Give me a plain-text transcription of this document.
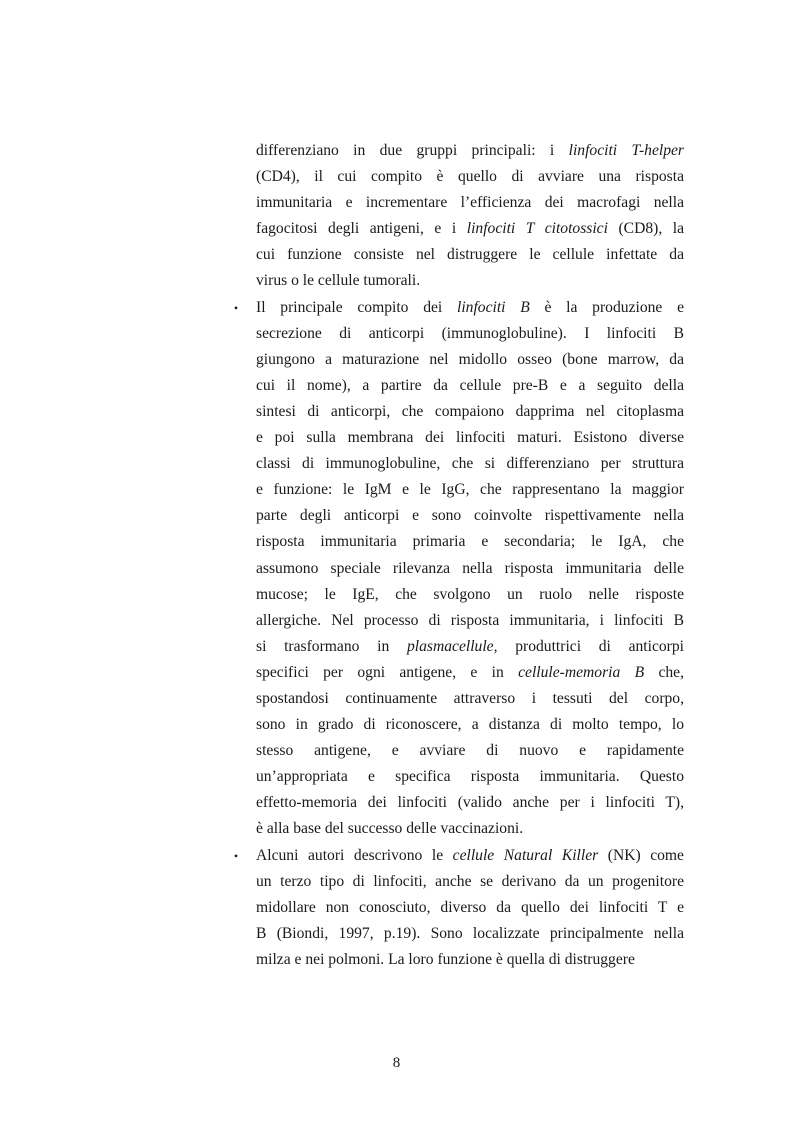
differenziano in due gruppi principali: i linfociti T-helper
(CD4), il cui compito è quello di avviare una risposta
immunitaria e incrementare l’efficienza dei macrofagi nella
fagocitosi degli antigeni, e i linfociti T citotossici (CD8), la
cui funzione consiste nel distruggere le cellule infettate da
virus o le cellule tumorali.
• Il principale compito dei linfociti B è la produzione e
secrezione di anticorpi (immunoglobuline). I linfociti B
giungono a maturazione nel midollo osseo (bone marrow, da
cui il nome), a partire da cellule pre-B e a seguito della
sintesi di anticorpi, che compaiono dapprima nel citoplasma
e poi sulla membrana dei linfociti maturi. Esistono diverse
classi di immunoglobuline, che si differenziano per struttura
e funzione: le IgM e le IgG, che rappresentano la maggior
parte degli anticorpi e sono coinvolte rispettivamente nella
risposta immunitaria primaria e secondaria; le IgA, che
assumono speciale rilevanza nella risposta immunitaria delle
mucose; le IgE, che svolgono un ruolo nelle risposte
allergiche. Nel processo di risposta immunitaria, i linfociti B
si trasformano in plasmacellule, produttrici di anticorpi
specifici per ogni antigene, e in cellule-memoria B che,
spostandosi continuamente attraverso i tessuti del corpo,
sono in grado di riconoscere, a distanza di molto tempo, lo
stesso antigene, e avviare di nuovo e rapidamente
un’appropriata e specifica risposta immunitaria. Questo
effetto-memoria dei linfociti (valido anche per i linfociti T),
è alla base del successo delle vaccinazioni.
• Alcuni autori descrivono le cellule Natural Killer (NK) come
un terzo tipo di linfociti, anche se derivano da un progenitore
midollare non conosciuto, diverso da quello dei linfociti T e
B (Biondi, 1997, p.19). Sono localizzate principalmente nella
milza e nei polmoni. La loro funzione è quella di distruggere
8
